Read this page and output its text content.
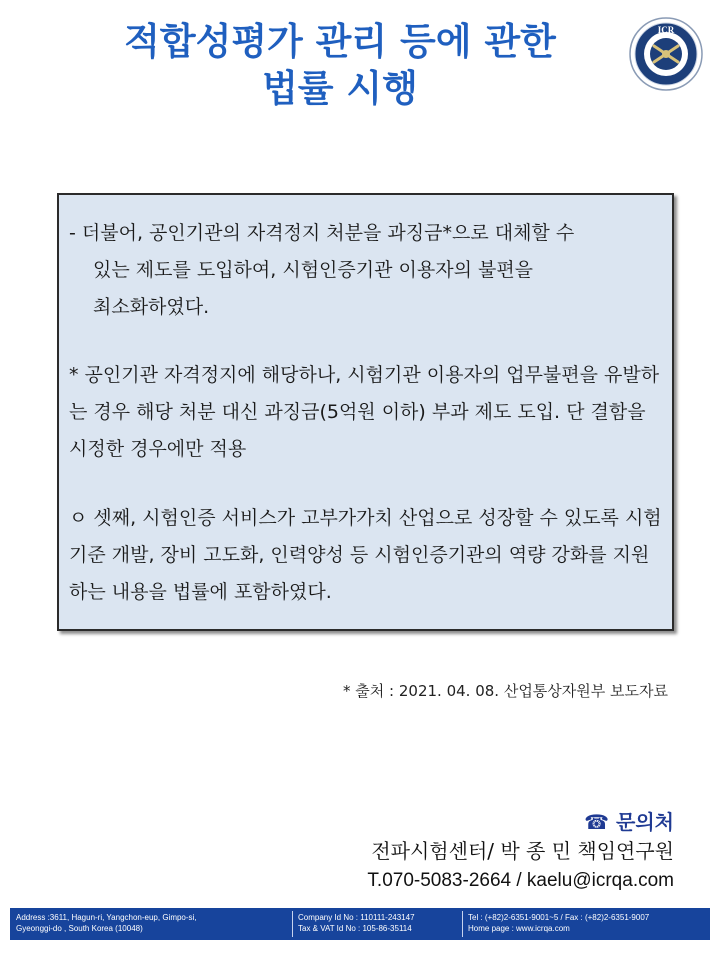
적합성평가 관리 등에 관한
법률 시행
ICR

- 더불어, 공인기관의 자격정지 처분을 과징금*으로 대체할 수

있는 제도를 도입하여, 시험인증기관 이용자의 불편을
최소화하였다.

* 공인기관 자격정지에 해당하나, 시험기관 이용자의 업무불편을 유발하는 경우 해당 처분 대신 과징금(5억원 이하) 부과 제도 도입. 단 결함을 시정한 경우에만 적용

ㅇ 셋째, 시험인증 서비스가 고부가가치 산업으로 성장할 수 있도록 시험기준 개발, 장비 고도화, 인력양성 등 시험인증기관의 역량 강화를 지원하는 내용을 법률에 포함하였다.

* 출처 : 2021. 04. 08. 산업통상자원부 보도자료
☎ 문의처
전파시험센터/ 박 종 민 책임연구원
T.070-5083-2664 / kaelu@icrqa.com
Address :3611, Hagun-ri, Yangchon-eup, Gimpo-si,
Gyeonggi-do , South Korea (10048)
Company Id No : 110111-243147
Tax & VAT Id No : 105-86-35114
Tel : (+82)2-6351-9001~5 / Fax : (+82)2-6351-9007
Home page : www.icrqa.com
